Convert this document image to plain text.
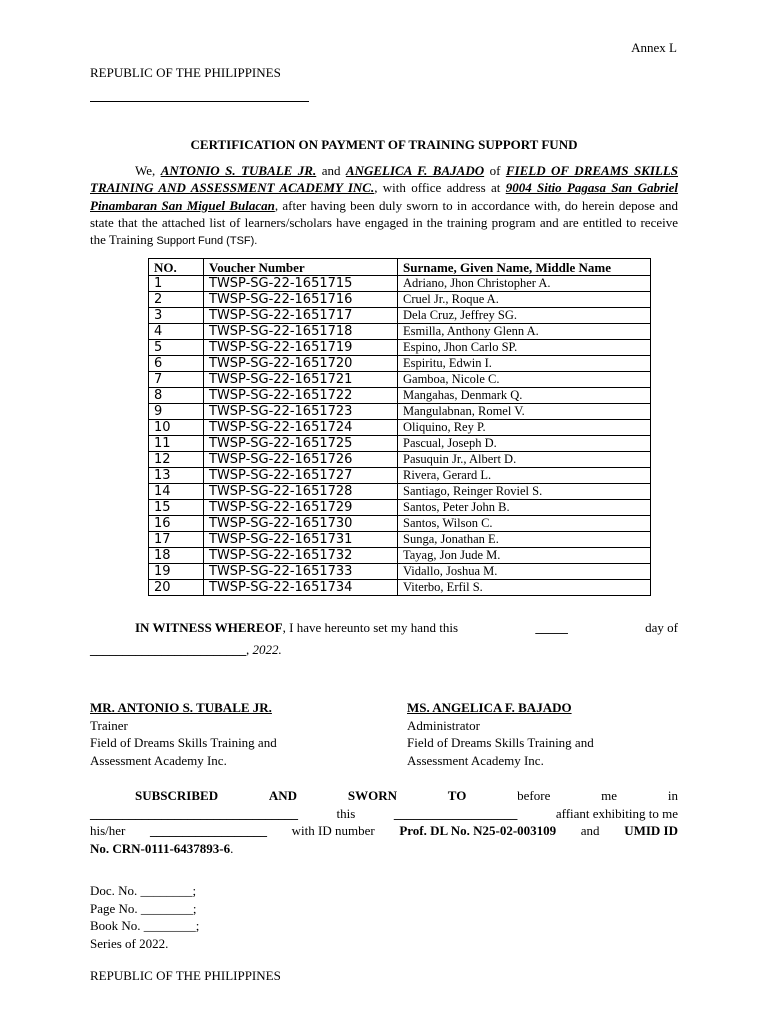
Annex L
REPUBLIC OF THE PHILIPPINES
CERTIFICATION ON PAYMENT OF TRAINING SUPPORT FUND
We, ANTONIO S. TUBALE JR. and ANGELICA F. BAJADO of FIELD OF DREAMS SKILLS TRAINING AND ASSESSMENT ACADEMY INC., with office address at 9004 Sitio Pagasa San Gabriel Pinambaran San Miguel Bulacan, after having been duly sworn to in accordance with, do herein depose and state that the attached list of learners/scholars have engaged in the training program and are entitled to receive the Training Support Fund (TSF).
NO.	Voucher Number	Surname, Given Name, Middle Name
1	TWSP-SG-22-1651715	Adriano, Jhon Christopher A.
2	TWSP-SG-22-1651716	Cruel Jr., Roque A.
3	TWSP-SG-22-1651717	Dela Cruz, Jeffrey SG.
4	TWSP-SG-22-1651718	Esmilla, Anthony Glenn A.
5	TWSP-SG-22-1651719	Espino, Jhon Carlo SP.
6	TWSP-SG-22-1651720	Espiritu, Edwin I.
7	TWSP-SG-22-1651721	Gamboa, Nicole C.
8	TWSP-SG-22-1651722	Mangahas, Denmark Q.
9	TWSP-SG-22-1651723	Mangulabnan, Romel V.
10	TWSP-SG-22-1651724	Oliquino, Rey P.
11	TWSP-SG-22-1651725	Pascual, Joseph D.
12	TWSP-SG-22-1651726	Pasuquin Jr., Albert D.
13	TWSP-SG-22-1651727	Rivera, Gerard L.
14	TWSP-SG-22-1651728	Santiago, Reinger Roviel S.
15	TWSP-SG-22-1651729	Santos, Peter John B.
16	TWSP-SG-22-1651730	Santos, Wilson C.
17	TWSP-SG-22-1651731	Sunga, Jonathan E.
18	TWSP-SG-22-1651732	Tayag, Jon Jude M.
19	TWSP-SG-22-1651733	Vidallo, Joshua M.
20	TWSP-SG-22-1651734	Viterbo, Erfil S.
IN WITNESS WHEREOF, I have hereunto set my hand this	_____	day of
________________________, 2022.
MR. ANTONIO S. TUBALE JR.
Trainer
Field of Dreams Skills Training and
Assessment Academy Inc.
MS. ANGELICA F. BAJADO
Administrator
Field of Dreams Skills Training and
Assessment Academy Inc.
SUBSCRIBED	AND	SWORN	TO	before	me	in
________________________________	this	___________________	affiant exhibiting to me
his/her __________________ with ID number Prof. DL No. N25-02-003109 and UMID ID
No. CRN-0111-6437893-6.
Doc. No. ________;
Page No. ________;
Book No. ________;
Series of 2022.
REPUBLIC OF THE PHILIPPINES
